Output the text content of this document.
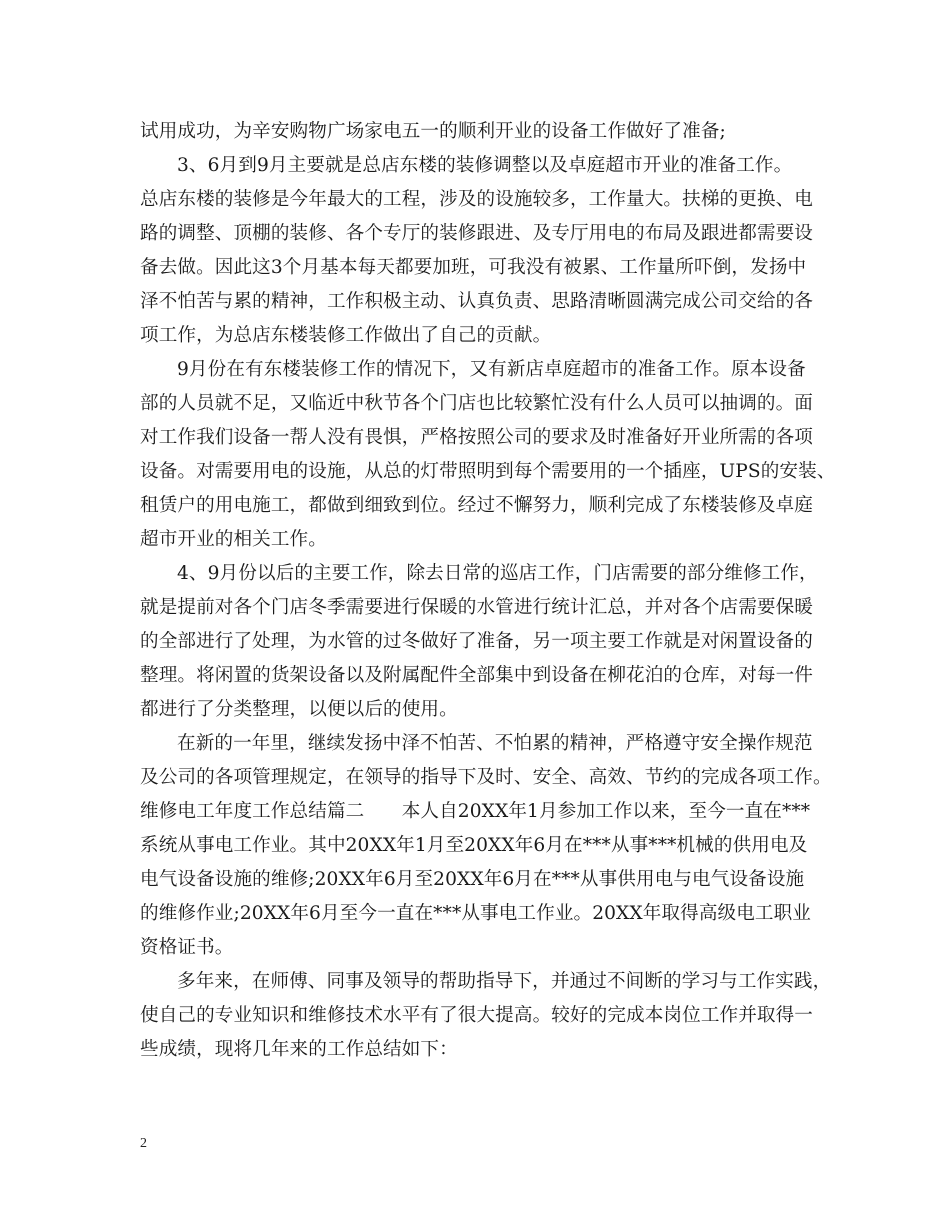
试用成功，为辛安购物广场家电五一的顺利开业的设备工作做好了准备;
3、6月到9月主要就是总店东楼的装修调整以及卓庭超市开业的准备工作。
总店东楼的装修是今年最大的工程，涉及的设施较多，工作量大。扶梯的更换、电
路的调整、顶棚的装修、各个专厅的装修跟进、及专厅用电的布局及跟进都需要设
备去做。因此这3个月基本每天都要加班，可我没有被累、工作量所吓倒，发扬中
泽不怕苦与累的精神，工作积极主动、认真负责、思路清晰圆满完成公司交给的各
项工作，为总店东楼装修工作做出了自己的贡献。
9月份在有东楼装修工作的情况下，又有新店卓庭超市的准备工作。原本设备
部的人员就不足，又临近中秋节各个门店也比较繁忙没有什么人员可以抽调的。面
对工作我们设备一帮人没有畏惧，严格按照公司的要求及时准备好开业所需的各项
设备。对需要用电的设施，从总的灯带照明到每个需要用的一个插座，UPS的安装、
租赁户的用电施工，都做到细致到位。经过不懈努力，顺利完成了东楼装修及卓庭
超市开业的相关工作。
4、9月份以后的主要工作，除去日常的巡店工作，门店需要的部分维修工作，
就是提前对各个门店冬季需要进行保暖的水管进行统计汇总，并对各个店需要保暖
的全部进行了处理，为水管的过冬做好了准备，另一项主要工作就是对闲置设备的
整理。将闲置的货架设备以及附属配件全部集中到设备在柳花泊的仓库，对每一件
都进行了分类整理，以便以后的使用。
在新的一年里，继续发扬中泽不怕苦、不怕累的精神，严格遵守安全操作规范
及公司的各项管理规定，在领导的指导下及时、安全、高效、节约的完成各项工作。
维修电工年度工作总结篇二　　本人自20XX年1月参加工作以来，至今一直在***
系统从事电工作业。其中20XX年1月至20XX年6月在***从事***机械的供用电及
电气设备设施的维修;20XX年6月至20XX年6月在***从事供用电与电气设备设施
的维修作业;20XX年6月至今一直在***从事电工作业。20XX年取得高级电工职业
资格证书。
多年来，在师傅、同事及领导的帮助指导下，并通过不间断的学习与工作实践，
使自己的专业知识和维修技术水平有了很大提高。较好的完成本岗位工作并取得一
些成绩，现将几年来的工作总结如下：
2
